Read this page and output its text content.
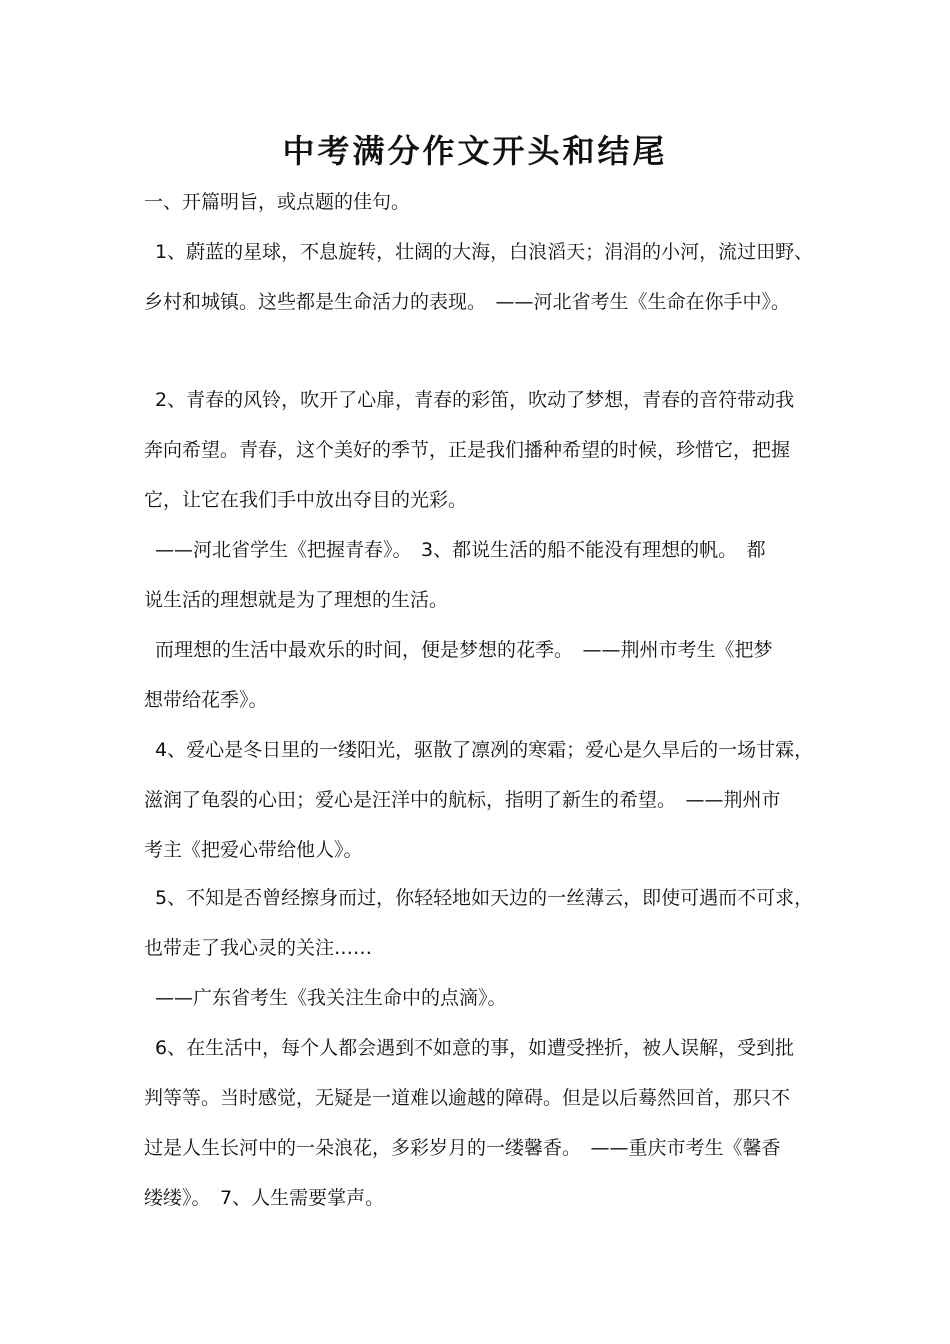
中考满分作文开头和结尾

一、开篇明旨，或点题的佳句。

1、蔚蓝的星球，不息旋转，壮阔的大海，白浪滔天；涓涓的小河，流过田野、

乡村和城镇。这些都是生命活力的表现。　——河北省考生《生命在你手中》。

2、青春的风铃，吹开了心扉，青春的彩笛，吹动了梦想，青春的音符带动我

奔向希望。青春，这个美好的季节，正是我们播种希望的时候，珍惜它，把握

它，让它在我们手中放出夺目的光彩。

——河北省学生《把握青春》。　3、都说生活的船不能没有理想的帆。　都

说生活的理想就是为了理想的生活。

而理想的生活中最欢乐的时间，便是梦想的花季。　——荆州市考生《把梦

想带给花季》。

4、爱心是冬日里的一缕阳光，驱散了凛冽的寒霜；爱心是久旱后的一场甘霖，

滋润了龟裂的心田；爱心是汪洋中的航标，指明了新生的希望。　——荆州市

考主《把爱心带给他人》。

5、不知是否曾经擦身而过，你轻轻地如天边的一丝薄云，即使可遇而不可求，

也带走了我心灵的关注……

——广东省考生《我关注生命中的点滴》。

6、在生活中，每个人都会遇到不如意的事，如遭受挫折，被人误解，受到批

判等等。当时感觉，无疑是一道难以逾越的障碍。但是以后蓦然回首，那只不

过是人生长河中的一朵浪花，多彩岁月的一缕馨香。　——重庆市考生《馨香

缕缕》。　7、人生需要掌声。
